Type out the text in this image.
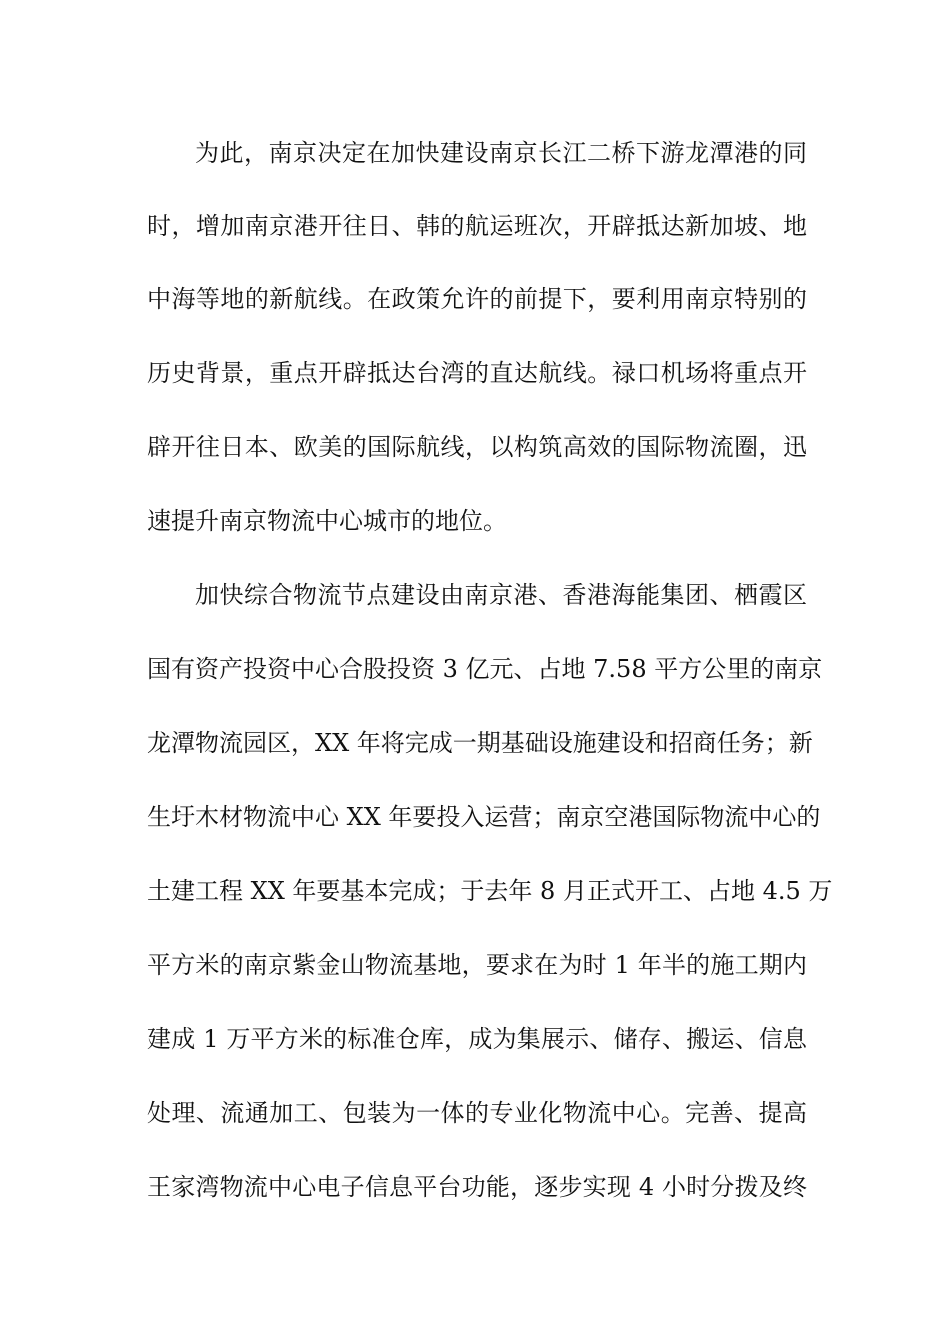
为此，南京决定在加快建设南京长江二桥下游龙潭港的同
时，增加南京港开往日、韩的航运班次，开辟抵达新加坡、地
中海等地的新航线。在政策允许的前提下，要利用南京特别的
历史背景，重点开辟抵达台湾的直达航线。禄口机场将重点开
辟开往日本、欧美的国际航线，以构筑高效的国际物流圈，迅
速提升南京物流中心城市的地位。
加快综合物流节点建设由南京港、香港海能集团、栖霞区
国有资产投资中心合股投资 3 亿元、占地 7.58 平方公里的南京
龙潭物流园区，XX 年将完成一期基础设施建设和招商任务；新
生圩木材物流中心 XX 年要投入运营；南京空港国际物流中心的
土建工程 XX 年要基本完成；于去年 8 月正式开工、占地 4.5 万
平方米的南京紫金山物流基地，要求在为时 1 年半的施工期内
建成 1 万平方米的标准仓库，成为集展示、储存、搬运、信息
处理、流通加工、包装为一体的专业化物流中心。完善、提高
王家湾物流中心电子信息平台功能，逐步实现 4 小时分拨及终
